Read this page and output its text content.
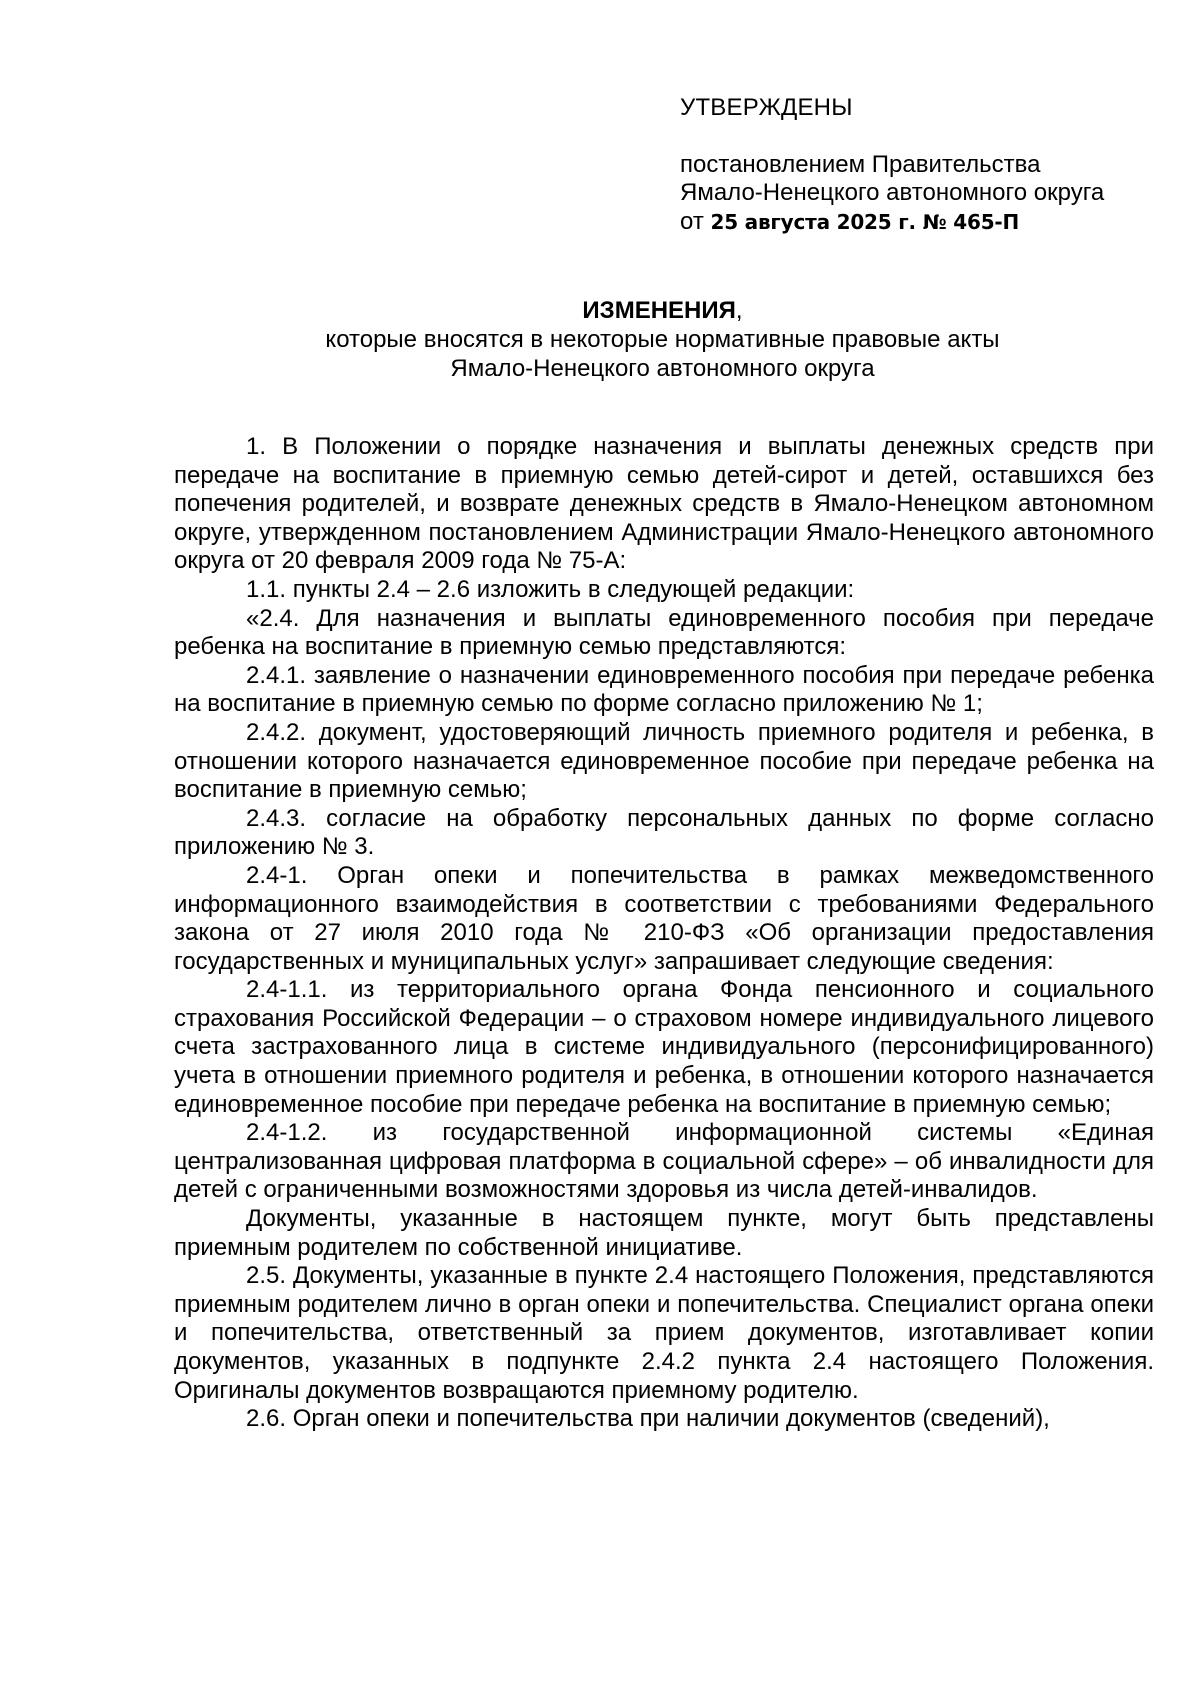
УТВЕРЖДЕНЫ

постановлением Правительства

Ямало-Ненецкого автономного округа

от 25 августа 2025 г. № 465-П

ИЗМЕНЕНИЯ,
которые вносятся в некоторые нормативные правовые акты
Ямало-Ненецкого автономного округа

1. В Положении о порядке назначения и выплаты денежных средств при передаче на воспитание в приемную семью детей-сирот и детей, оставшихся без попечения родителей, и возврате денежных средств в Ямало-Ненецком автономном округе, утвержденном постановлением Администрации Ямало-Ненецкого автономного округа от 20 февраля 2009 года № 75-А:

1.1. пункты 2.4 – 2.6 изложить в следующей редакции:

«2.4. Для назначения и выплаты единовременного пособия при передаче ребенка на воспитание в приемную семью представляются:

2.4.1. заявление о назначении единовременного пособия при передаче ребенка на воспитание в приемную семью по форме согласно приложению № 1;

2.4.2. документ, удостоверяющий личность приемного родителя и ребенка, в отношении которого назначается единовременное пособие при передаче ребенка на воспитание в приемную семью;

2.4.3. согласие на обработку персональных данных по форме согласно приложению № 3.

2.4-1. Орган опеки и попечительства в рамках межведомственного информационного взаимодействия в соответствии с требованиями Федерального закона от 27 июля 2010 года № 210-ФЗ «Об организации предоставления государственных и муниципальных услуг» запрашивает следующие сведения:

2.4-1.1. из территориального органа Фонда пенсионного и социального страхования Российской Федерации – о страховом номере индивидуального лицевого счета застрахованного лица в системе индивидуального (персонифицированного) учета в отношении приемного родителя и ребенка, в отношении которого назначается единовременное пособие при передаче ребенка на воспитание в приемную семью;

2.4-1.2. из государственной информационной системы «Единая централизованная цифровая платформа в социальной сфере» – об инвалидности для детей с ограниченными возможностями здоровья из числа детей-инвалидов.

Документы, указанные в настоящем пункте, могут быть представлены приемным родителем по собственной инициативе.

2.5. Документы, указанные в пункте 2.4 настоящего Положения, представляются приемным родителем лично в орган опеки и попечительства. Специалист органа опеки и попечительства, ответственный за прием документов, изготавливает копии документов, указанных в подпункте 2.4.2 пункта 2.4 настоящего Положения. Оригиналы документов возвращаются приемному родителю.

2.6. Орган опеки и попечительства при наличии документов (сведений),
